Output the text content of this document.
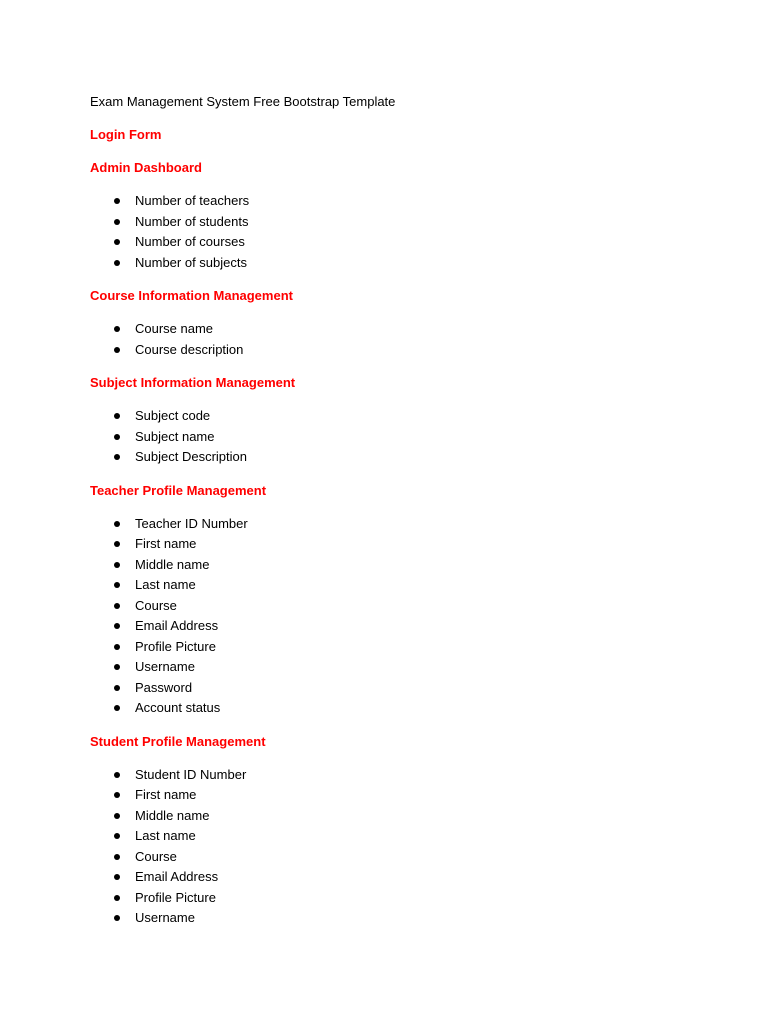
Exam Management System Free Bootstrap Template
Login Form
Admin Dashboard
Number of teachers
Number of students
Number of courses
Number of subjects
Course Information Management
Course name
Course description
Subject Information Management
Subject code
Subject name
Subject Description
Teacher Profile Management
Teacher ID Number
First name
Middle name
Last name
Course
Email Address
Profile Picture
Username
Password
Account status
Student Profile Management
Student ID Number
First name
Middle name
Last name
Course
Email Address
Profile Picture
Username
